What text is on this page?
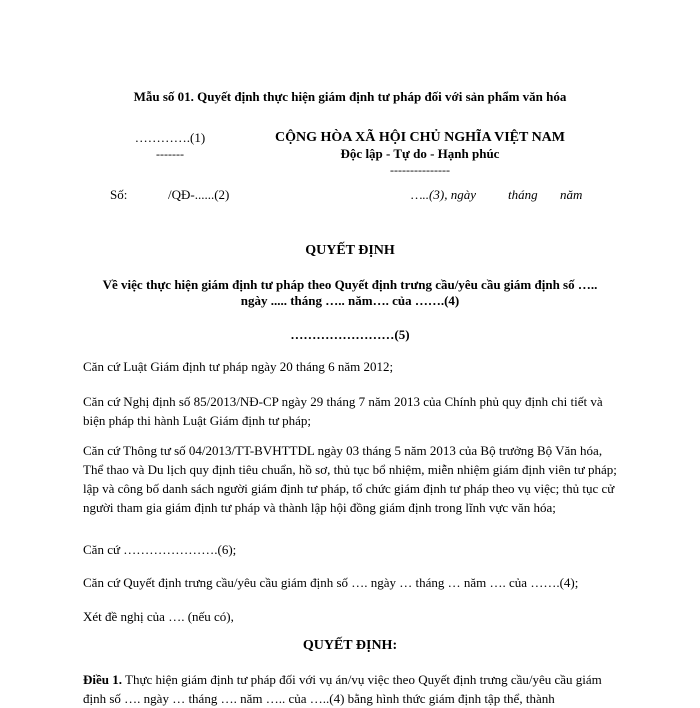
Mẫu số 01. Quyết định thực hiện giám định tư pháp đối với sản phẩm văn hóa
………….(1)
-------
CỘNG HÒA XÃ HỘI CHỦ NGHĨA VIỆT NAM
Độc lập - Tự do - Hạnh phúc
---------------
Số:	/QĐ-......(2)	…..(3), ngày tháng năm
QUYẾT ĐỊNH
Về việc thực hiện giám định tư pháp theo Quyết định trưng cầu/yêu cầu giám định số …..
ngày ..... tháng ….. năm…. của …….(4)
……………………(5)
Căn cứ Luật Giám định tư pháp ngày 20 tháng 6 năm 2012;
Căn cứ Nghị định số 85/2013/NĐ-CP ngày 29 tháng 7 năm 2013 của Chính phủ quy định chi tiết và biện pháp thi hành Luật Giám định tư pháp;
Căn cứ Thông tư số 04/2013/TT-BVHTTDL ngày 03 tháng 5 năm 2013 của Bộ trưởng Bộ Văn hóa, Thể thao và Du lịch quy định tiêu chuẩn, hồ sơ, thủ tục bổ nhiệm, miễn nhiệm giám định viên tư pháp; lập và công bố danh sách người giám định tư pháp, tổ chức giám định tư pháp theo vụ việc; thủ tục cử người tham gia giám định tư pháp và thành lập hội đồng giám định trong lĩnh vực văn hóa;
Căn cứ ………………….(6);
Căn cứ Quyết định trưng cầu/yêu cầu giám định số …. ngày … tháng … năm …. của …….(4);
Xét đề nghị của …. (nếu có),
QUYẾT ĐỊNH:
Điều 1. Thực hiện giám định tư pháp đối với vụ án/vụ việc theo Quyết định trưng cầu/yêu cầu giám định số …. ngày … tháng …. năm ….. của …..(4) bằng hình thức giám định tập thể, thành
